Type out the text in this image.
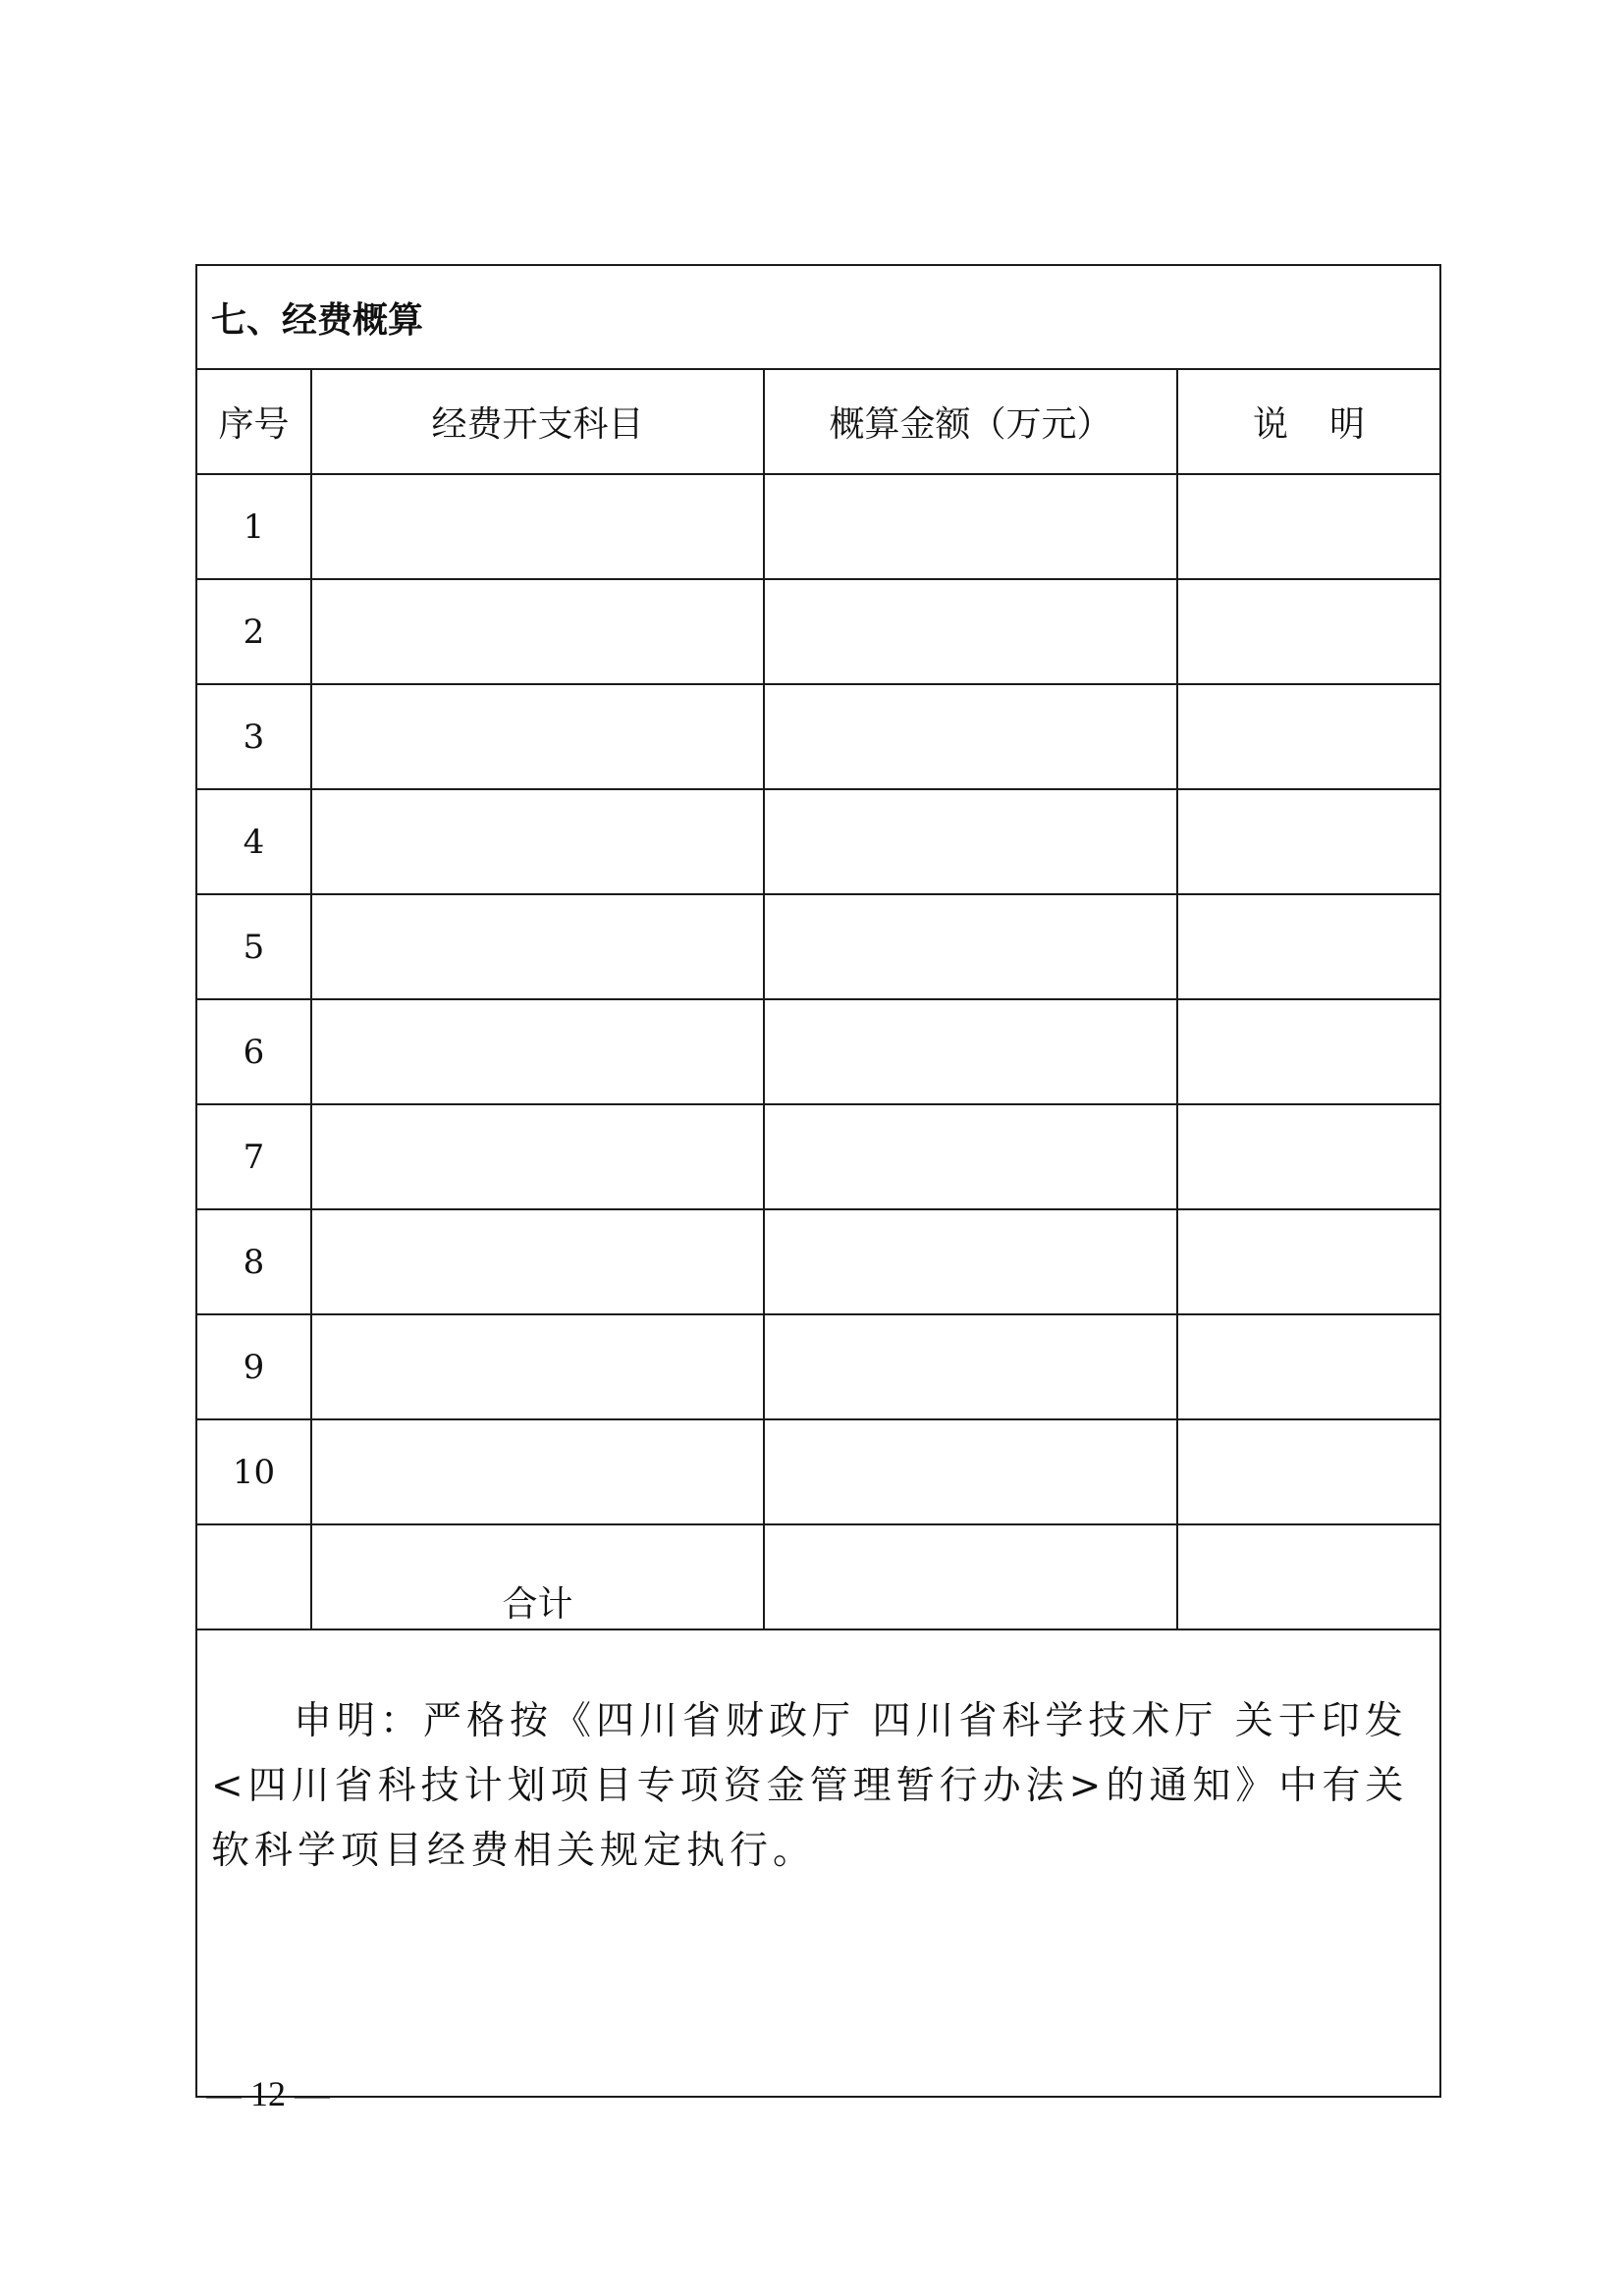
七、经费概算			
序号	经费开支科目	概算金额（万元）	说明
1			
2			
3			
4			
5			
6			
7			
8			
9			
10			
	合计		

申明：严格按《四川省财政厅 四川省科学技术厅 关于印发<四川省科技计划项目专项资金管理暂行办法>的通知》中有关软科学项目经费相关规定执行。			

— 12 —
